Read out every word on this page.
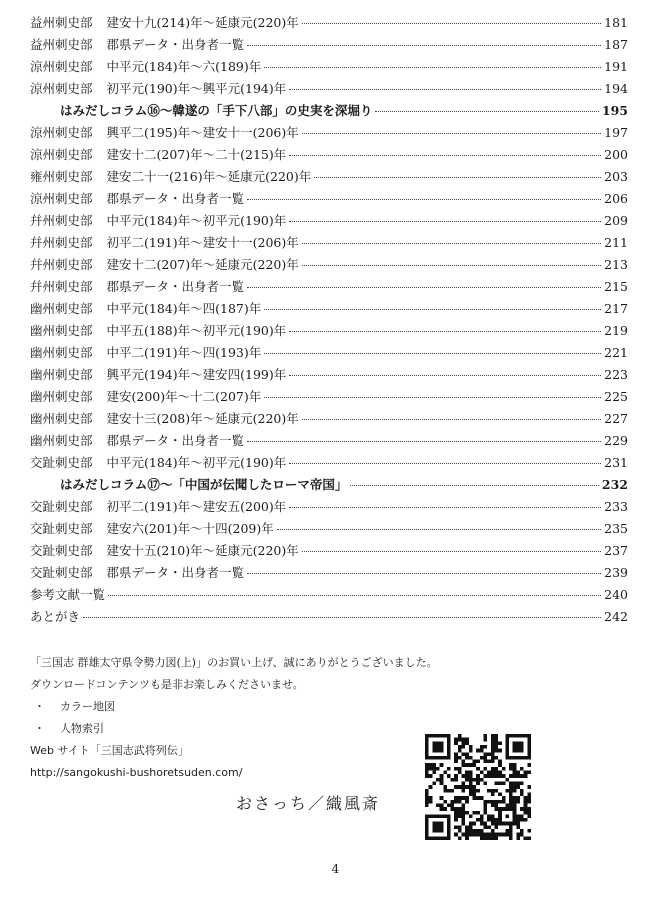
益州刺史部 建安十九(214)年～延康元(220)年	181
益州刺史部 郡県データ・出身者一覧	187
涼州刺史部 中平元(184)年～六(189)年	191
涼州刺史部 初平元(190)年～興平元(194)年	194
はみだしコラム⑯～韓遂の「手下八部」の史実を深堀り	195
涼州刺史部 興平二(195)年～建安十一(206)年	197
涼州刺史部 建安十二(207)年～二十(215)年	200
雍州刺史部 建安二十一(216)年～延康元(220)年	203
涼州刺史部 郡県データ・出身者一覧	206
幷州刺史部 中平元(184)年～初平元(190)年	209
幷州刺史部 初平二(191)年～建安十一(206)年	211
幷州刺史部 建安十二(207)年～延康元(220)年	213
幷州刺史部 郡県データ・出身者一覧	215
幽州刺史部 中平元(184)年～四(187)年	217
幽州刺史部 中平五(188)年～初平元(190)年	219
幽州刺史部 中平二(191)年～四(193)年	221
幽州刺史部 興平元(194)年～建安四(199)年	223
幽州刺史部 建安(200)年～十二(207)年	225
幽州刺史部 建安十三(208)年～延康元(220)年	227
幽州刺史部 郡県データ・出身者一覧	229
交趾刺史部 中平元(184)年～初平元(190)年	231
はみだしコラム⑰～「中国が伝聞したローマ帝国」	232
交趾刺史部 初平二(191)年～建安五(200)年	233
交趾刺史部 建安六(201)年～十四(209)年	235
交趾刺史部 建安十五(210)年～延康元(220)年	237
交趾刺史部 郡県データ・出身者一覧	239
参考文献一覧	240
あとがき	242
「三国志 群雄太守県令勢力図(上)」のお買い上げ、誠にありがとうございました。
ダウンロードコンテンツも是非お楽しみくださいませ。
・ カラー地図
・ 人物索引
Web サイト「三国志武将列伝」
http://sangokushi-bushoretsuden.com/
おさっち／織風斎
4
